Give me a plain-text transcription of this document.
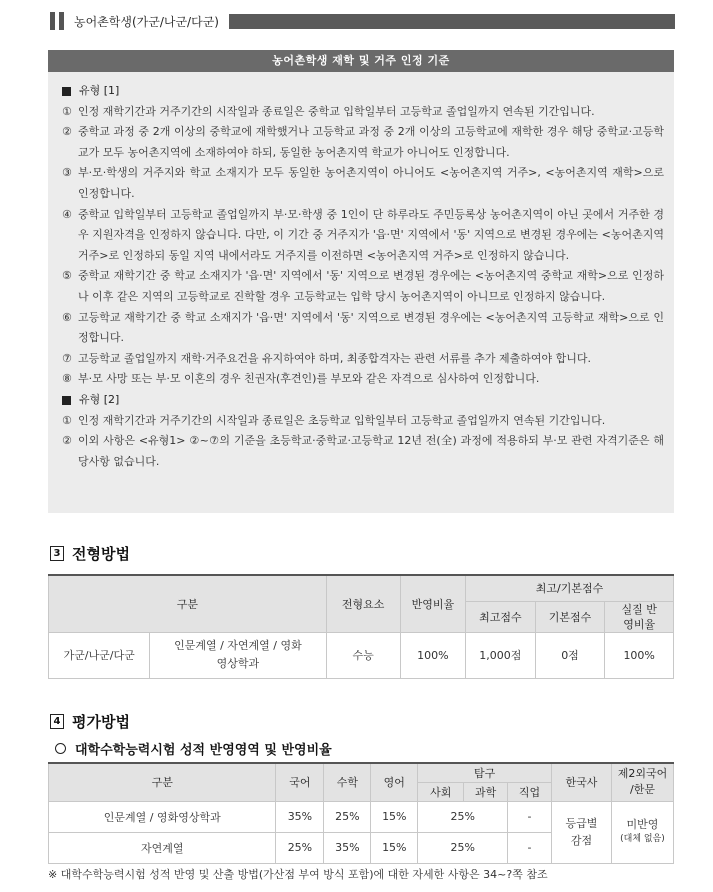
농어촌학생(가군/나군/다군)
농어촌학생 재학 및 거주 인정 기준
유형 [1]
① 인정 재학기간과 거주기간의 시작일과 종료일은 중학교 입학일부터 고등학교 졸업일까지 연속된 기간입니다.
② 중학교 과정 중 2개 이상의 중학교에 재학했거나 고등학교 과정 중 2개 이상의 고등학교에 재학한 경우 해당 중학교·고등학교가 모두 농어촌지역에 소재하여야 하되, 동일한 농어촌지역 학교가 아니어도 인정합니다.
③ 부·모·학생의 거주지와 학교 소재지가 모두 동일한 농어촌지역이 아니어도 <농어촌지역 거주>, <농어촌지역 재학>으로 인정합니다.
④ 중학교 입학일부터 고등학교 졸업일까지 부·모·학생 중 1인이 단 하루라도 주민등록상 농어촌지역이 아닌 곳에서 거주한 경우 지원자격을 인정하지 않습니다. 다만, 이 기간 중 거주지가 '읍·면' 지역에서 '동' 지역으로 변경된 경우에는 <농어촌지역 거주>로 인정하되 동일 지역 내에서라도 거주지를 이전하면 <농어촌지역 거주>로 인정하지 않습니다.
⑤ 중학교 재학기간 중 학교 소재지가 '읍·면' 지역에서 '동' 지역으로 변경된 경우에는 <농어촌지역 중학교 재학>으로 인정하나 이후 같은 지역의 고등학교로 진학할 경우 고등학교는 입학 당시 농어촌지역이 아니므로 인정하지 않습니다.
⑥ 고등학교 재학기간 중 학교 소재지가 '읍·면' 지역에서 '동' 지역으로 변경된 경우에는 <농어촌지역 고등학교 재학>으로 인정합니다.
⑦ 고등학교 졸업일까지 재학·거주요건을 유지하여야 하며, 최종합격자는 관련 서류를 추가 제출하여야 합니다.
⑧ 부·모 사망 또는 부·모 이혼의 경우 친권자(후견인)를 부모와 같은 자격으로 심사하여 인정합니다.
유형 [2]
① 인정 재학기간과 거주기간의 시작일과 종료일은 초등학교 입학일부터 고등학교 졸업일까지 연속된 기간입니다.
② 이외 사항은 <유형1> ②~⑦의 기준을 초등학교·중학교·고등학교 12년 전(全) 과정에 적용하되 부·모 관련 자격기준은 해당사항 없습니다.
3 전형방법
구분		전형요소	반영비율	최고/기본점수		
				최고점수	기본점수	실질 반영비율
가군/나군/다군	인문계열 / 자연계열 / 영화영상학과	수능	100%	1,000점	0점	100%
4 평가방법
대학수학능력시험 성적 반영영역 및 반영비율
구분	국어	수학	영어	탐구			한국사	제2외국어 /한문
				사회	과학	직업		
인문계열 / 영화영상학과	35%	25%	15%	25%		-	등급별 감점	미반영
(대체 없음)

자연계열	25%	35%	15%	25%		-		
※ 대학수학능력시험 성적 반영 및 산출 방법(가산점 부여 방식 포함)에 대한 자세한 사항은 34~?쪽 참조
